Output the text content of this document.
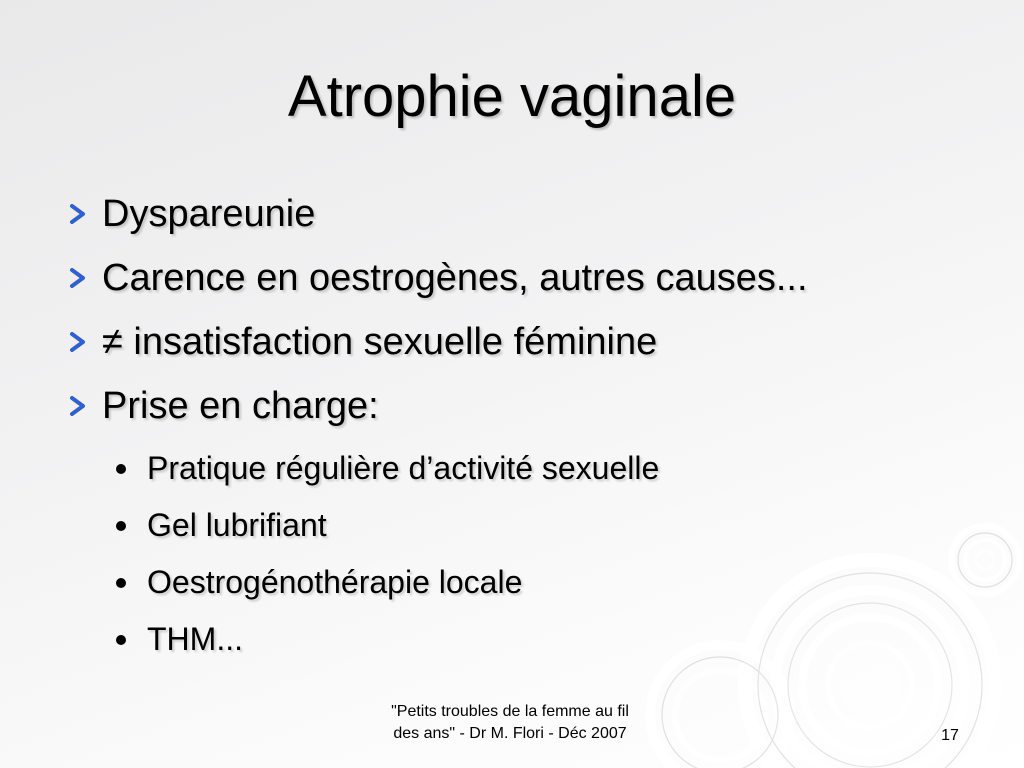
Atrophie vaginale
Dyspareunie
Carence en oestrogènes, autres causes...
≠ insatisfaction sexuelle féminine
Prise en charge:
Pratique régulière d’activité sexuelle
Gel lubrifiant
Oestrogénothérapie locale
THM...
"Petits troubles de la femme au fil
des ans" - Dr M. Flori - Déc 2007	17
